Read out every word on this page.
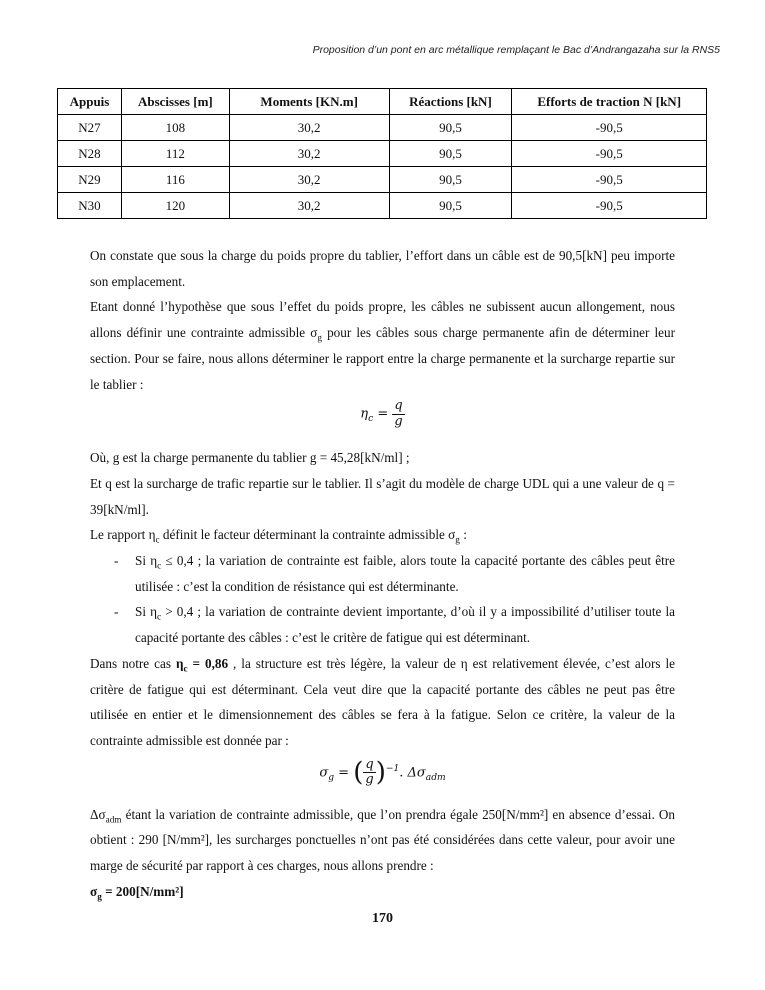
Proposition d’un pont en arc métallique remplaçant le Bac d’Andrangazaha sur la RNS5
Appuis	Abscisses [m]	Moments [KN.m]	Réactions [kN]	Efforts de traction N [kN]
N27	108	30,2	90,5	-90,5
N28	112	30,2	90,5	-90,5
N29	116	30,2	90,5	-90,5
N30	120	30,2	90,5	-90,5

On constate que sous la charge du poids propre du tablier, l’effort dans un câble est de 90,5[kN] peu importe son emplacement.

Etant donné l’hypothèse que sous l’effet du poids propre, les câbles ne subissent aucun allongement, nous allons définir une contrainte admissible $\sigma_g$ pour les câbles sous charge permanente afin de déterminer leur section. Pour se faire, nous allons déterminer le rapport entre la charge permanente et la surcharge repartie sur le tablier :

$\eta_c = \frac{q}{g}$

Où, g est la charge permanente du tablier g = 45,28[kN/ml] ;

Et q est la surcharge de trafic repartie sur le tablier. Il s’agit du modèle de charge UDL qui a une valeur de q = 39[kN/ml].

Le rapport $\eta_c$ définit le facteur déterminant la contrainte admissible $\sigma_g$ :

- Si $\eta_c \le 0,4$ ; la variation de contrainte est faible, alors toute la capacité portante des câbles peut être utilisée : c’est la condition de résistance qui est déterminante.
- Si $\eta_c > 0,4$ ; la variation de contrainte devient importante, d’où il y a impossibilité d’utiliser toute la capacité portante des câbles : c’est le critère de fatigue qui est déterminant.

Dans notre cas $\eta_c = 0,86$ , la structure est très légère, la valeur de η est relativement élevée, c’est alors le critère de fatigue qui est déterminant. Cela veut dire que la capacité portante des câbles ne peut pas être utilisée en entier et le dimensionnement des câbles se fera à la fatigue. Selon ce critère, la valeur de la contrainte admissible est donnée par :

$\sigma_g$ = ( $\frac{q}{g} )^{-1}$. $\Delta\sigma_{adm}$

$\Delta\sigma_{adm}$ étant la variation de contrainte admissible, que l’on prendra égale 250[N/mm²] en absence d’essai. On obtient : 290 [N/mm²], les surcharges ponctuelles n’ont pas été considérées dans cette valeur, pour avoir une marge de sécurité par rapport à ces charges, nous allons prendre :

$\sigma_g = 200[N/mm^2]$

170
